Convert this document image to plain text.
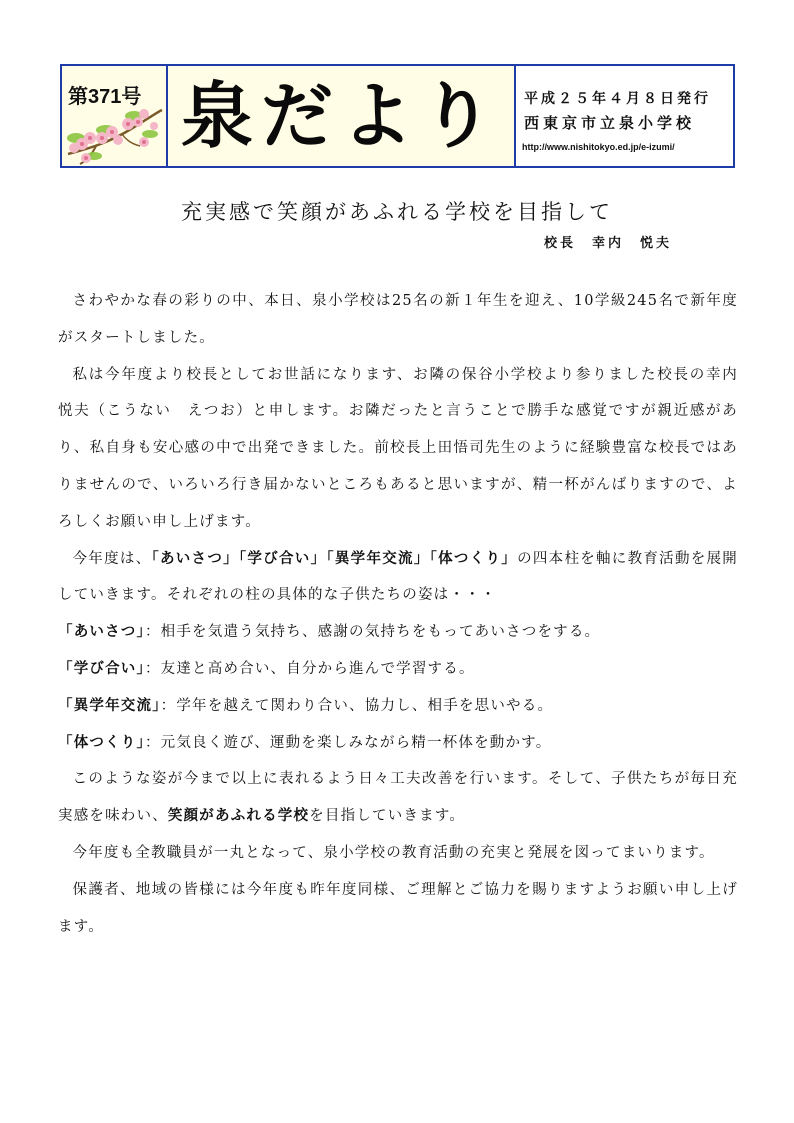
第371号 泉だより 平成２５年４月８日発行
西東京市立泉小学校
http://www.nishitokyo.ed.jp/e-izumi/
充実感で笑顔があふれる学校を目指して
校長　幸内　悦夫

さわやかな春の彩りの中、本日、泉小学校は25名の新１年生を迎え、10学級245名で新年度がスタートしました。

私は今年度より校長としてお世話になります、お隣の保谷小学校より参りました校長の幸内　悦夫（こうない　えつお）と申します。お隣だったと言うことで勝手な感覚ですが親近感があり、私自身も安心感の中で出発できました。前校長上田悟司先生のように経験豊富な校長ではありませんので、いろいろ行き届かないところもあると思いますが、精一杯がんばりますので、よろしくお願い申し上げます。

今年度は、「あいさつ」「学び合い」「異学年交流」「体つくり」の四本柱を軸に教育活動を展開していきます。それぞれの柱の具体的な子供たちの姿は・・・

「あいさつ」：相手を気遣う気持ち、感謝の気持ちをもってあいさつをする。

「学び合い」：友達と高め合い、自分から進んで学習する。

「異学年交流」：学年を越えて関わり合い、協力し、相手を思いやる。

「体つくり」：元気良く遊び、運動を楽しみながら精一杯体を動かす。

このような姿が今まで以上に表れるよう日々工夫改善を行います。そして、子供たちが毎日充実感を味わい、笑顔があふれる学校を目指していきます。

今年度も全教職員が一丸となって、泉小学校の教育活動の充実と発展を図ってまいります。

保護者、地域の皆様には今年度も昨年度同様、ご理解とご協力を賜りますようお願い申し上げます。
